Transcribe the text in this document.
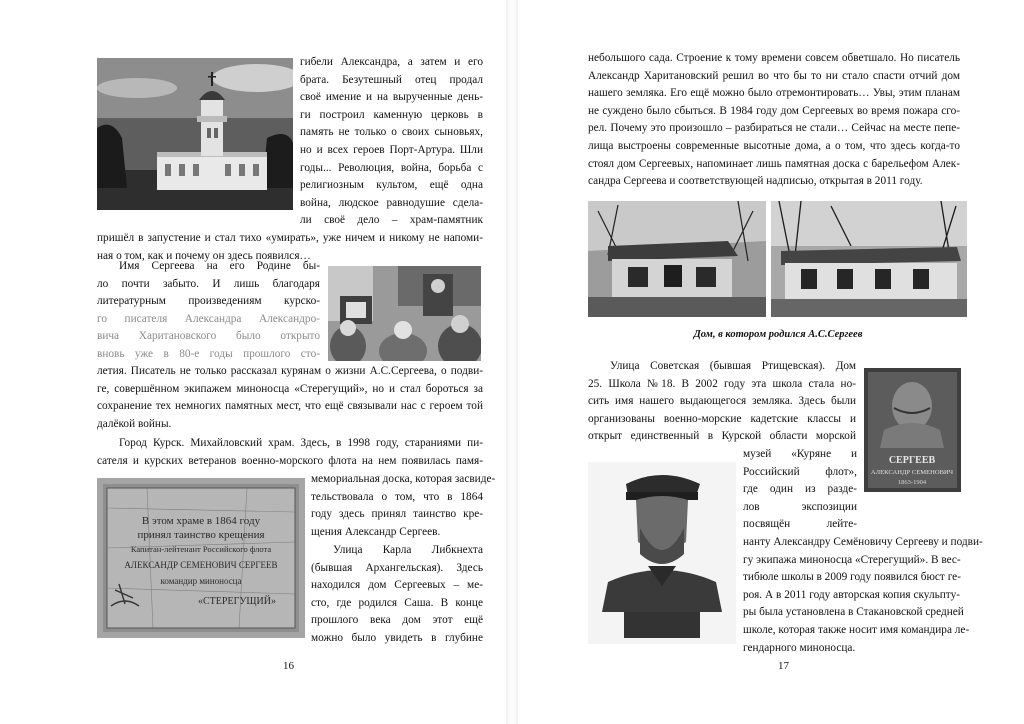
гибели Александра, а затем и его
брата. Безутешный отец продал
своё имение и на вырученные день-
ги построил каменную церковь в
память не только о своих сыновьях,
но и всех героев Порт-Артура. Шли
годы... Революция, война, борьба с
религиозным культом, ещё одна
война, людское равнодушие сдела-
ли своё дело – храм-памятник
пришёл в запустение и стал тихо «умирать», уже ничем и никому не напоми-
ная о том, как и почему он здесь появился…
Имя Сергеева на его Родине бы-
ло почти забыто. И лишь благодаря
литературным произведениям курско-
го писателя Александра Александро-
вича Харитановского было открыто
вновь уже в 80-е годы прошлого сто-
летия. Писатель не только рассказал курянам о жизни А.С.Сергеева, о подви-
ге, совершённом экипажем миноносца «Стерегущий», но и стал бороться за
сохранение тех немногих памятных мест, что ещё связывали нас с героем той
далёкой войны.
Город Курск. Михайловский храм. Здесь, в 1998 году, стараниями пи-
сателя и курских ветеранов военно-морского флота на нем появилась памя-
В этом храме в 1864 году
принял таинство крещения
Капитан-лейтенант Российского флота
АЛЕКСАНДР СЕМЕНОВИЧ СЕРГЕЕВ
командир миноносца
«СТЕРЕГУЩИЙ»
мемориальная доска, которая засвиде-
тельствовала о том, что в 1864
году здесь принял таинство кре-
щения Александр Сергеев.
Улица Карла Либкнехта
(бывшая Архангельская). Здесь
находился дом Сергеевых – ме-
сто, где родился Саша. В конце
прошлого века дом этот ещё
можно было увидеть в глубине
16
небольшого сада. Строение к тому времени совсем обветшало. Но писатель
Александр Харитановский решил во что бы то ни стало спасти отчий дом
нашего земляка. Его ещё можно было отремонтировать… Увы, этим планам
не суждено было сбыться. В 1984 году дом Сергеевых во время пожара сго-
рел. Почему это произошло – разбираться не стали… Сейчас на месте пепе-
лища выстроены современные высотные дома, а о том, что здесь когда-то
стоял дом Сергеевых, напоминает лишь памятная доска с барельефом Алек-
сандра Сергеева и соответствующей надписью, открытая в 2011 году.
Дом, в котором родился А.С.Сергеев
СЕРГЕЕВ
АЛЕКСАНДР СЕМЕНОВИЧ
1863-1904
Улица Советская (бывшая Ртищевская). Дом
25. Школа №18. В 2002 году эта школа стала но-
сить имя нашего выдающегося земляка. Здесь были
организованы военно-морские кадетские классы и
открыт единственный в Курской области морской
музей «Куряне и
Российский флот»,
где один из разде-
лов экспозиции
посвящён лейте-
нанту Александру Семёновичу Сергееву и подви-
гу экипажа миноносца «Стерегущий». В вес-
тибюле школы в 2009 году появился бюст ге-
роя. А в 2011 году авторская копия скульпту-
ры была установлена в Стакановской средней
школе, которая также носит имя командира ле-
гендарного миноносца.
17
